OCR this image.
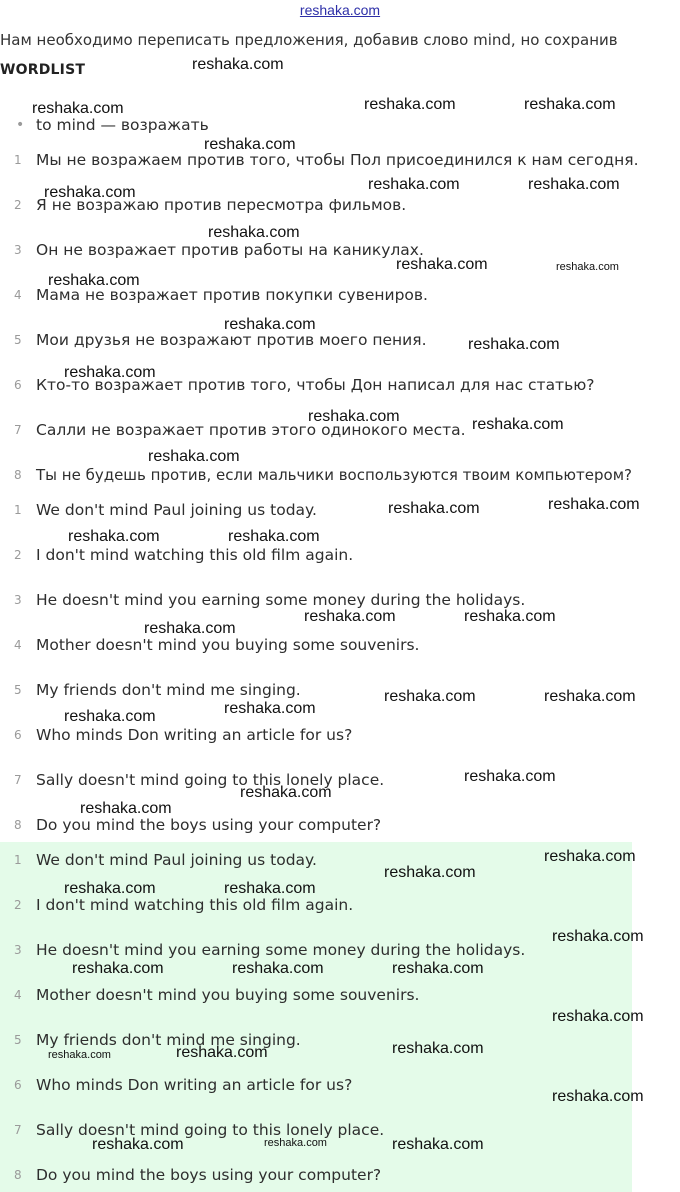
reshaka.com
Нам необходимо переписать предложения, добавив слово mind, но сохранив
WORDLIST
• to mind — возражать
1 Мы не возражаем против того, чтобы Пол присоединился к нам сегодня.
2 Я не возражаю против пересмотра фильмов.
3 Он не возражает против работы на каникулах.
4 Мама не возражает против покупки сувениров.
5 Мои друзья не возражают против моего пения.
6 Кто-то возражает против того, чтобы Дон написал для нас статью?
7 Салли не возражает против этого одинокого места.
8 Ты не будешь против, если мальчики воспользуются твоим компьютером?
1 We don't mind Paul joining us today.
2 I don't mind watching this old film again.
3 He doesn't mind you earning some money during the holidays.
4 Mother doesn't mind you buying some souvenirs.
5 My friends don't mind me singing.
6 Who minds Don writing an article for us?
7 Sally doesn't mind going to this lonely place.
8 Do you mind the boys using your computer?
1 We don't mind Paul joining us today.
2 I don't mind watching this old film again.
3 He doesn't mind you earning some money during the holidays.
4 Mother doesn't mind you buying some souvenirs.
5 My friends don't mind me singing.
6 Who minds Don writing an article for us?
7 Sally doesn't mind going to this lonely place.
8 Do you mind the boys using your computer?
reshaka.com
reshaka.com	reshaka.com	reshaka.com
reshaka.com
reshaka.com	reshaka.com	reshaka.com
reshaka.com
reshaka.com	reshaka.com
reshaka.com
reshaka.com
reshaka.com
reshaka.com
reshaka.com	reshaka.com
reshaka.com
reshaka.com	reshaka.com
reshaka.com	reshaka.com
reshaka.com	reshaka.com
reshaka.com
reshaka.com	reshaka.com
reshaka.com
reshaka.com
reshaka.com
reshaka.com
reshaka.com
reshaka.com
reshaka.com
reshaka.com	reshaka.com
reshaka.com
reshaka.com	reshaka.com	reshaka.com
reshaka.com
reshaka.com
reshaka.com
reshaka.com
reshaka.com
reshaka.com
reshaka.com	reshaka.com
